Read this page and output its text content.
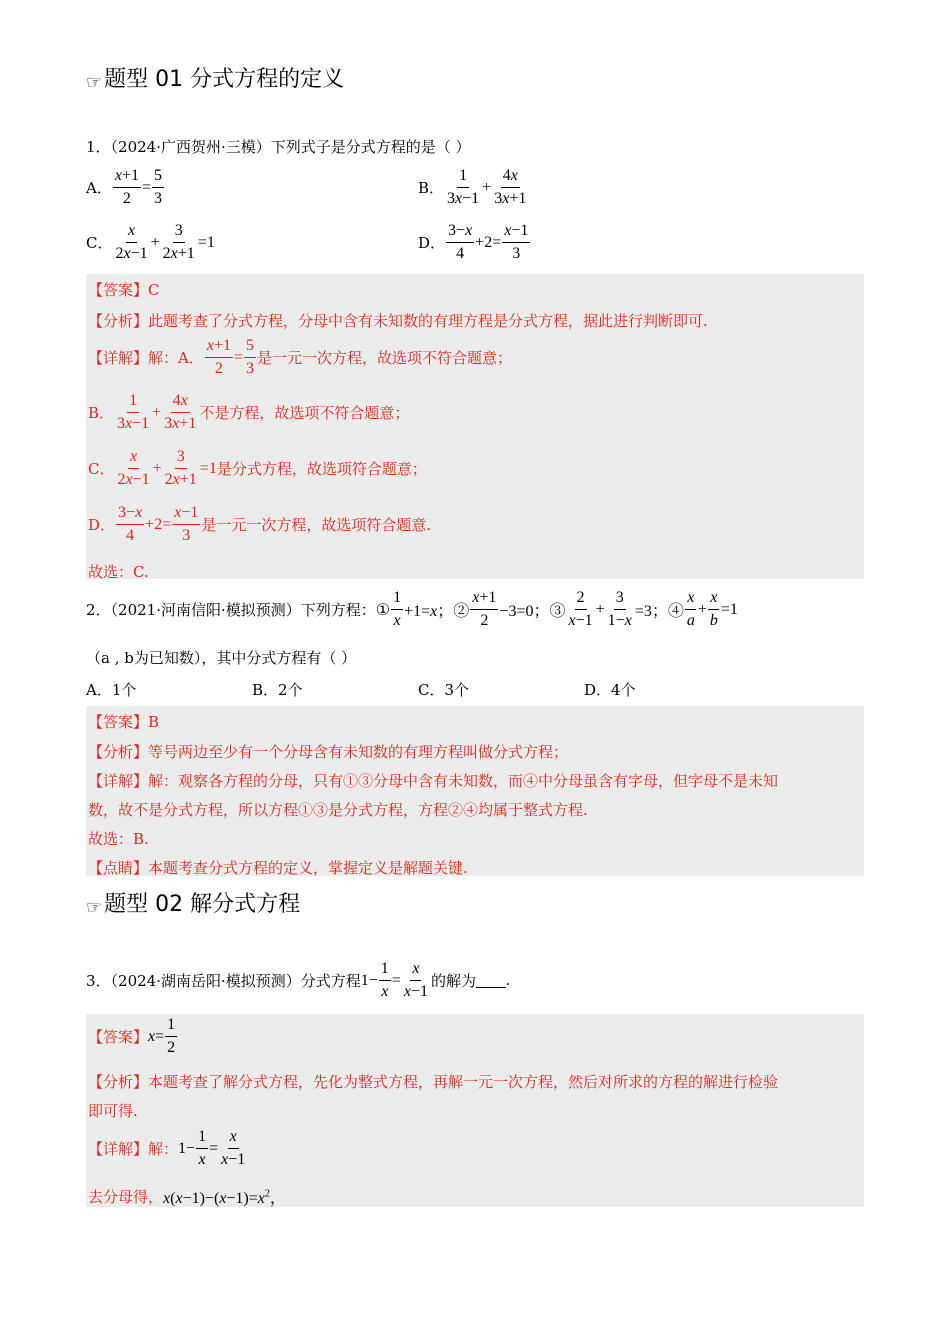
☞题型 01 分式方程的定义
1．（2024·广西贺州·三模）下列式子是分式方程的是（ ）
A． $\frac{x+1}{2} = \frac{5}{3}$	B． $\frac{1}{3x-1} + \frac{4x}{3x+1}$
C． $\frac{x}{2x-1} + \frac{3}{2x+1} =1$	D． $\frac{3-x}{4} +2= \frac{x-1}{3}$
【答案】C
【分析】此题考查了分式方程，分母中含有未知数的有理方程是分式方程，据此进行判断即可.
【详解】 解：A． $\frac{x+1}{2} = \frac{5}{3}$ 是一元一次方程，故选项不符合题意；
B． $\frac{1}{3x-1} + \frac{4x}{3x+1}$ 不是方程，故选项不符合题意；
C． $\frac{x}{2x-1} + \frac{3}{2x+1} =1$ 是分式方程，故选项符合题意；
D． $\frac{3-x}{4} +2= \frac{x-1}{3}$ 是一元一次方程，故选项符合题意.
故选：C.
2．（2021·河南信阳·模拟预测）下列方程： ① $\frac{1}{x} +1=x$；② $\frac{x+1}{2} -3=0$；③ $\frac{2}{x-1} + \frac{3}{1-x} =3$；④ $\frac{x}{a} + \frac{x}{b} =1$
（a , b为已知数），其中分式方程有（ ）
A．1个	B．2个	C．3个	D．4个
【答案】B
【分析】等号两边至少有一个分母含有未知数的有理方程叫做分式方程；
【详解】解：观察各方程的分母，只有①③分母中含有未知数，而④中分母虽含有字母，但字母不是未知
数，故不是分式方程，所以方程①③是分式方程，方程②④均属于整式方程.
故选：B.
【点睛】本题考查分式方程的定义，掌握定义是解题关键.
☞题型 02 解分式方程
3．（2024·湖南岳阳·模拟预测）分式方程 $1- \frac{1}{x} = \frac{x}{x-1}$ 的解为 .
【答案】 $x= \frac{1}{2}$
【分析】本题考查了解分式方程，先化为整式方程，再解一元一次方程，然后对所求的方程的解进行检验
即可得.
【详解】 解： $1- \frac{1}{x} = \frac{x}{x-1}$
去分母得， $x(x-1)-(x-1)=x^2$，
